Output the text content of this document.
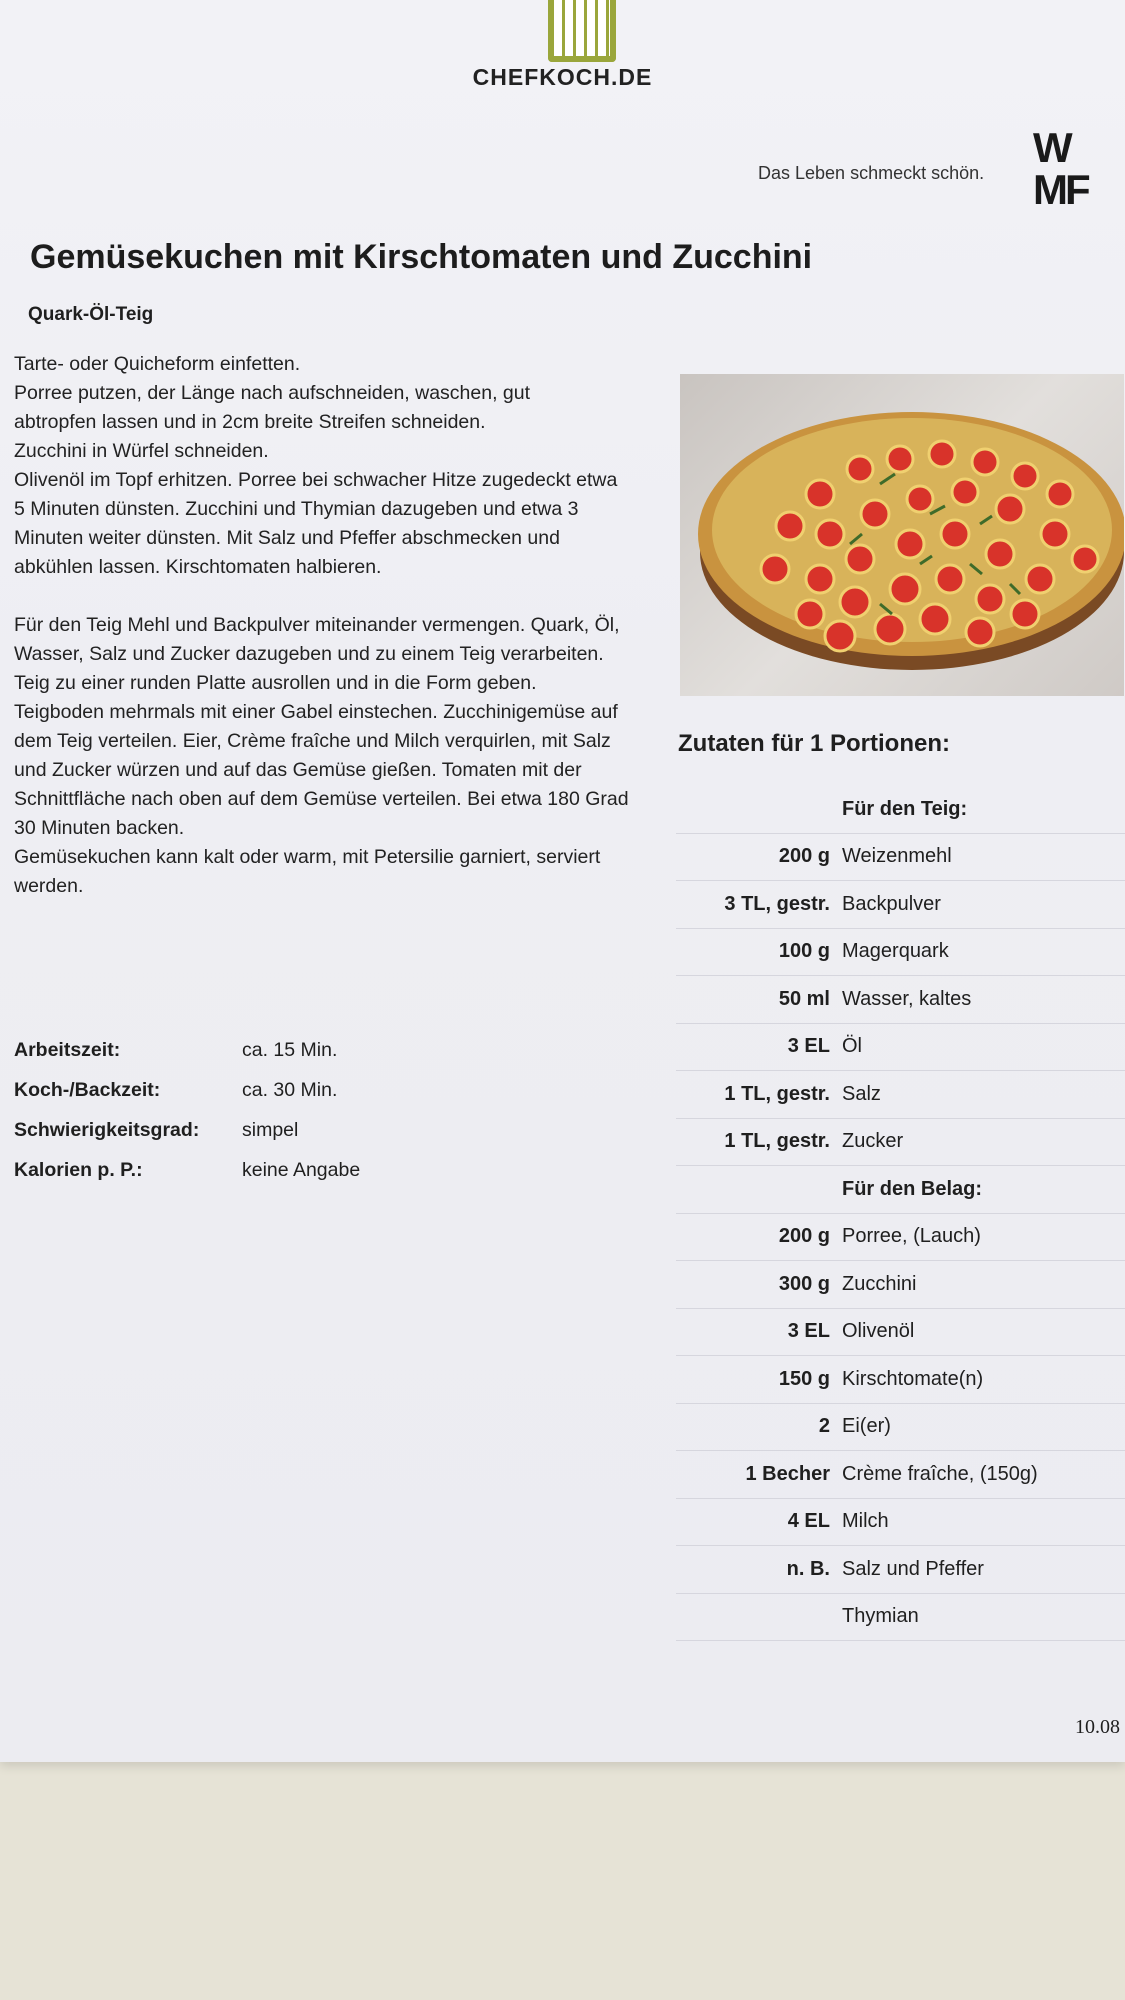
CHEFKOCH.DE
Das Leben schmeckt schön.
W
MF
Gemüsekuchen mit Kirschtomaten und Zucchini
Quark-Öl-Teig

Tarte- oder Quicheform einfetten.

Porree putzen, der Länge nach aufschneiden, waschen, gut abtropfen lassen und in 2cm breite Streifen schneiden.

Zucchini in Würfel schneiden.

Olivenöl im Topf erhitzen. Porree bei schwacher Hitze zugedeckt etwa 5 Minuten dünsten. Zucchini und Thymian dazugeben und etwa 3 Minuten weiter dünsten. Mit Salz und Pfeffer abschmecken und abkühlen lassen. Kirschtomaten halbieren.

Für den Teig Mehl und Backpulver miteinander vermengen. Quark, Öl, Wasser, Salz und Zucker dazugeben und zu einem Teig verarbeiten. Teig zu einer runden Platte ausrollen und in die Form geben. Teigboden mehrmals mit einer Gabel einstechen. Zucchinigemüse auf dem Teig verteilen. Eier, Crème fraîche und Milch verquirlen, mit Salz und Zucker würzen und auf das Gemüse gießen. Tomaten mit der Schnittfläche nach oben auf dem Gemüse verteilen. Bei etwa 180 Grad 30 Minuten backen.

Gemüsekuchen kann kalt oder warm, mit Petersilie garniert, serviert werden.

Arbeitszeit:	ca. 15 Min.
Koch-/Backzeit:	ca. 30 Min.
Schwierigkeitsgrad:	simpel
Kalorien p. P.:	keine Angabe
Zutaten für 1 Portionen:
Für den Teig:
200 g Weizenmehl
3 TL, gestr. Backpulver
100 g Magerquark
50 ml Wasser, kaltes
3 EL Öl
1 TL, gestr. Salz
1 TL, gestr. Zucker
Für den Belag:
200 g Porree, (Lauch)
300 g Zucchini
3 EL Olivenöl
150 g Kirschtomate(n)
2 Ei(er)
1 Becher Crème fraîche, (150g)
4 EL Milch
n. B. Salz und Pfeffer
Thymian
10.08
